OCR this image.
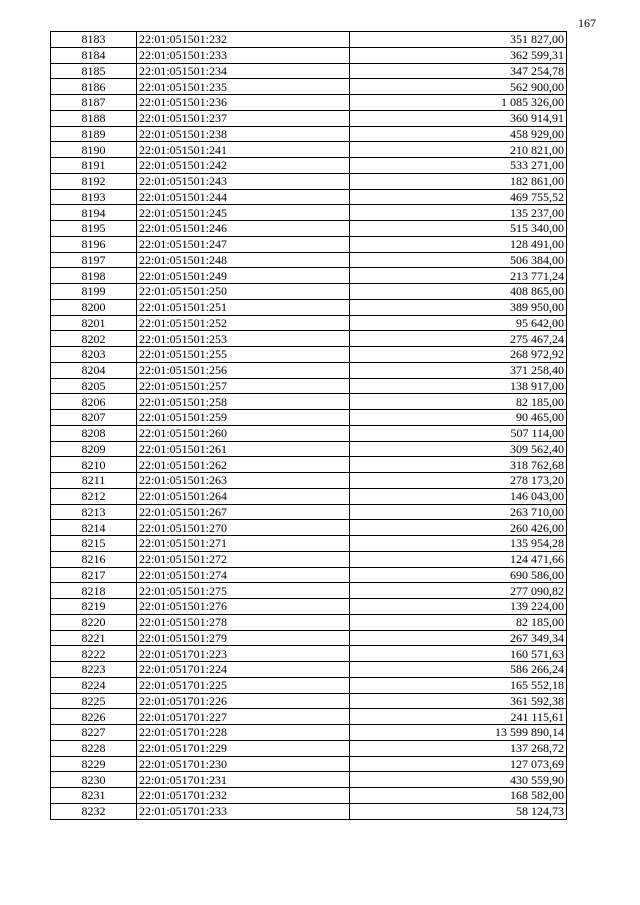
167
8183	22:01:051501:232	351 827,00
8184	22:01:051501:233	362 599,31
8185	22:01:051501:234	347 254,78
8186	22:01:051501:235	562 900,00
8187	22:01:051501:236	1 085 326,00
8188	22:01:051501:237	360 914,91
8189	22:01:051501:238	458 929,00
8190	22:01:051501:241	210 821,00
8191	22:01:051501:242	533 271,00
8192	22:01:051501:243	182 861,00
8193	22:01:051501:244	469 755,52
8194	22:01:051501:245	135 237,00
8195	22:01:051501:246	515 340,00
8196	22:01:051501:247	128 491,00
8197	22:01:051501:248	506 384,00
8198	22:01:051501:249	213 771,24
8199	22:01:051501:250	408 865,00
8200	22:01:051501:251	389 950,00
8201	22:01:051501:252	95 642,00
8202	22:01:051501:253	275 467,24
8203	22:01:051501:255	268 972,92
8204	22:01:051501:256	371 258,40
8205	22:01:051501:257	138 917,00
8206	22:01:051501:258	82 185,00
8207	22:01:051501:259	90 465,00
8208	22:01:051501:260	507 114,00
8209	22:01:051501:261	309 562,40
8210	22:01:051501:262	318 762,68
8211	22:01:051501:263	278 173,20
8212	22:01:051501:264	146 043,00
8213	22:01:051501:267	263 710,00
8214	22:01:051501:270	260 426,00
8215	22:01:051501:271	135 954,28
8216	22:01:051501:272	124 471,66
8217	22:01:051501:274	690 586,00
8218	22:01:051501:275	277 090,82
8219	22:01:051501:276	139 224,00
8220	22:01:051501:278	82 185,00
8221	22:01:051501:279	267 349,34
8222	22:01:051701:223	160 571,63
8223	22:01:051701:224	586 266,24
8224	22:01:051701:225	165 552,18
8225	22:01:051701:226	361 592,38
8226	22:01:051701:227	241 115,61
8227	22:01:051701:228	13 599 890,14
8228	22:01:051701:229	137 268,72
8229	22:01:051701:230	127 073,69
8230	22:01:051701:231	430 559,90
8231	22:01:051701:232	168 582,00
8232	22:01:051701:233	58 124,73
